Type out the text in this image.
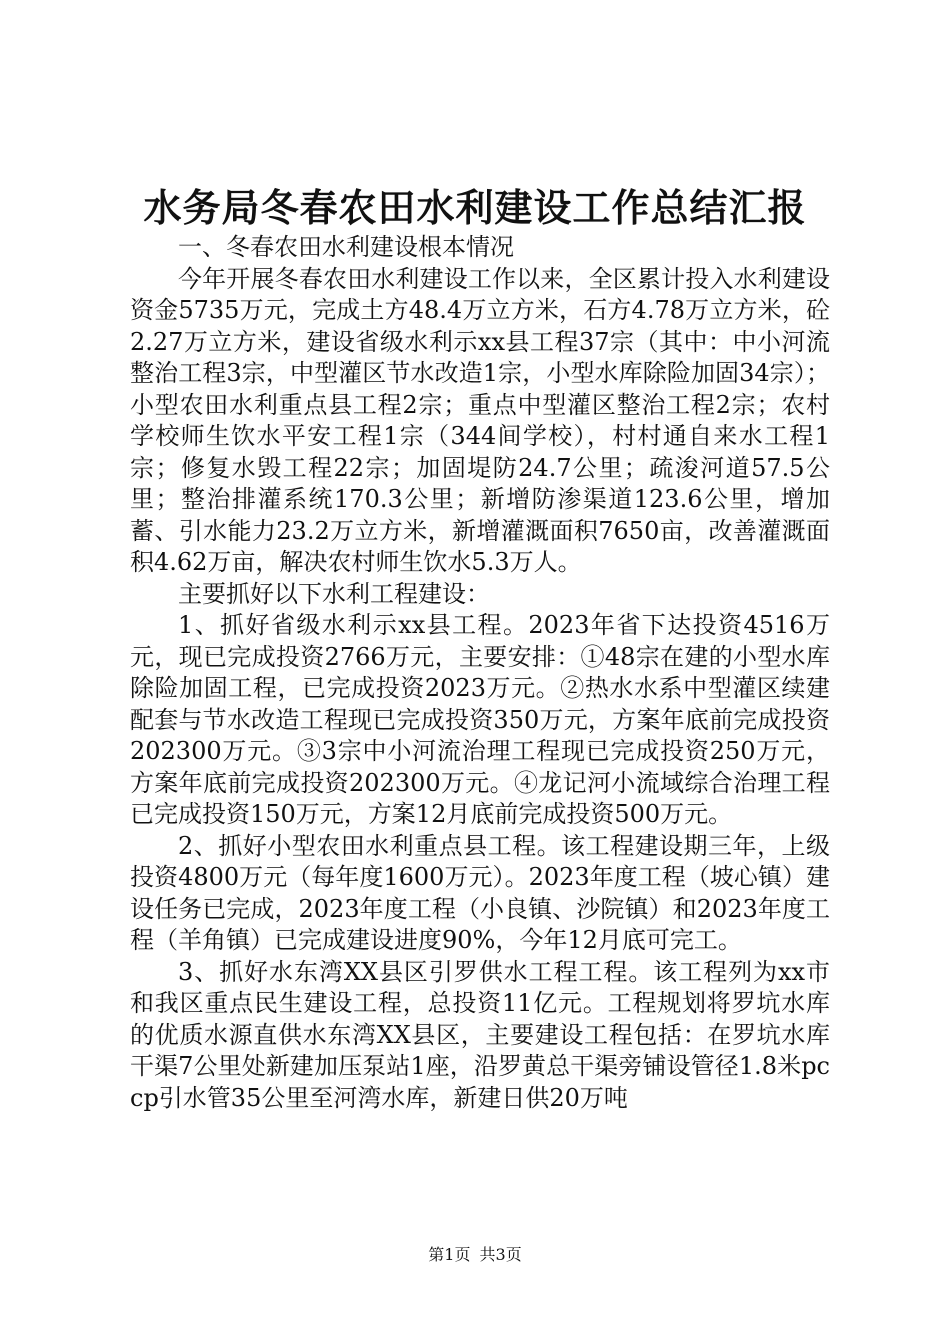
水务局冬春农田水利建设工作总结汇报

一、冬春农田水利建设根本情况

今年开展冬春农田水利建设工作以来，全区累计投入水利建设资金5735万元，完成土方48.4万立方米，石方4.78万立方米，砼2.27万立方米，建设省级水利示xx县工程37宗（其中：中小河流整治工程3宗，中型灌区节水改造1宗，小型水库除险加固34宗）；小型农田水利重点县工程2宗；重点中型灌区整治工程2宗；农村学校师生饮水平安工程1宗（344间学校），村村通自来水工程1宗；修复水毁工程22宗；加固堤防24.7公里；疏浚河道57.5公里；整治排灌系统170.3公里；新增防渗渠道123.6公里，增加蓄、引水能力23.2万立方米，新增灌溉面积7650亩，改善灌溉面积4.62万亩，解决农村师生饮水5.3万人。

主要抓好以下水利工程建设：

1、抓好省级水利示xx县工程。2023年省下达投资4516万元，现已完成投资2766万元，主要安排：①48宗在建的小型水库除险加固工程，已完成投资2023万元。②热水水系中型灌区续建配套与节水改造工程现已完成投资350万元，方案年底前完成投资202300万元。③3宗中小河流治理工程现已完成投资250万元，方案年底前完成投资202300万元。④龙记河小流域综合治理工程已完成投资150万元，方案12月底前完成投资500万元。

2、抓好小型农田水利重点县工程。该工程建设期三年，上级投资4800万元（每年度1600万元）。2023年度工程（坡心镇）建设任务已完成，2023年度工程（小良镇、沙院镇）和2023年度工程（羊角镇）已完成建设进度90%，今年12月底可完工。

3、抓好水东湾XX县区引罗供水工程工程。该工程列为xx市和我区重点民生建设工程，总投资11亿元。工程规划将罗坑水库的优质水源直供水东湾XX县区，主要建设工程包括：在罗坑水库干渠7公里处新建加压泵站1座，沿罗黄总干渠旁铺设管径1.8米pccp引水管35公里至河湾水库，新建日供20万吨

第1页 共3页
